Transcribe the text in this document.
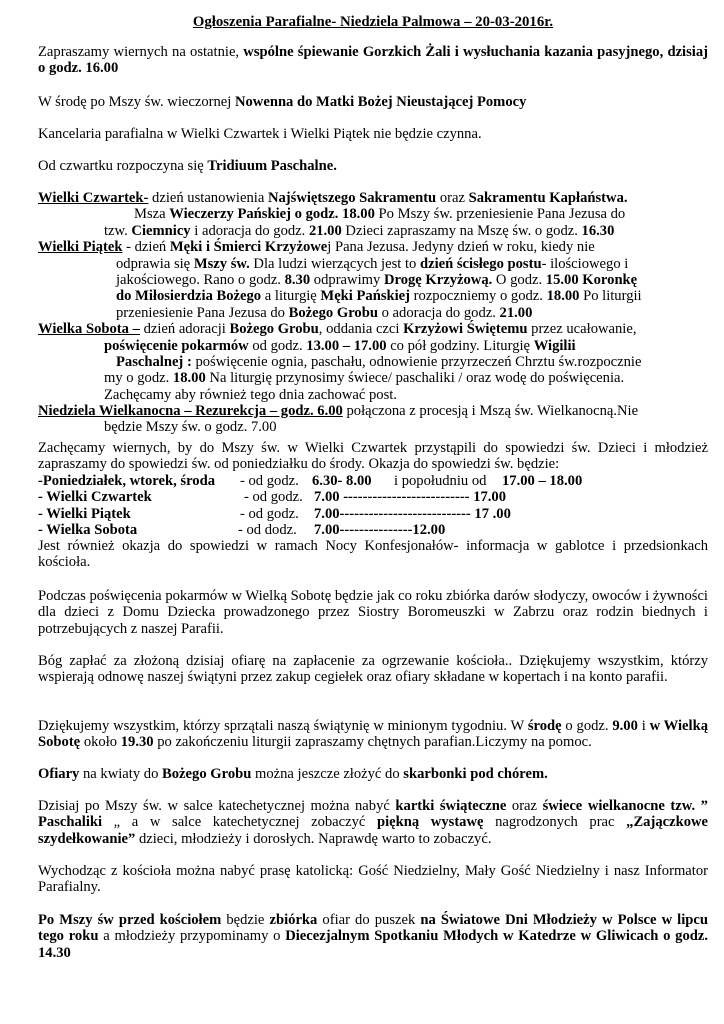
Ogłoszenia Parafialne- Niedziela Palmowa – 20-03-2016r.
Zapraszamy wiernych na ostatnie, wspólne śpiewanie Gorzkich Żali i wysłuchania kazania pasyjnego, dzisiaj o godz. 16.00
W środę po Mszy św. wieczornej Nowenna do Matki Bożej Nieustającej Pomocy
Kancelaria parafialna w Wielki Czwartek i Wielki Piątek nie będzie czynna.
Od czwartku rozpoczyna się Tridiuum Paschalne.
Wielki Czwartek- dzień ustanowienia Najświętszego Sakramentu oraz Sakramentu Kapłaństwa.
Msza Wieczerzy Pańskiej o godz. 18.00 Po Mszy św. przeniesienie Pana Jezusa do
tzw. Ciemnicy i adoracja do godz. 21.00 Dzieci zapraszamy na Mszę św. o godz. 16.30
Wielki Piątek - dzień Męki i Śmierci Krzyżowej Pana Jezusa. Jedyny dzień w roku, kiedy nie
odprawia się Mszy św. Dla ludzi wierzących jest to dzień ścisłego postu- ilościowego i
jakościowego. Rano o godz. 8.30 odprawimy Drogę Krzyżową. O godz. 15.00 Koronkę
do Miłosierdzia Bożego a liturgię Męki Pańskiej rozpoczniemy o godz. 18.00 Po liturgii
przeniesienie Pana Jezusa do Bożego Grobu o adoracja do godz. 21.00
Wielka Sobota – dzień adoracji Bożego Grobu, oddania czci Krzyżowi Świętemu przez ucałowanie,
poświęcenie pokarmów od godz. 13.00 – 17.00 co pół godziny. Liturgię Wigilii
Paschalnej : poświęcenie ognia, paschału, odnowienie przyrzeczeń Chrztu św.rozpocznie
my o godz. 18.00 Na liturgię przynosimy świece/ paschaliki / oraz wodę do poświęcenia.
Zachęcamy aby również tego dnia zachować post.
Niedziela Wielkanocna – Rezurekcja – godz. 6.00 połączona z procesją i Mszą św. Wielkanocną.Nie
będzie Mszy św. o godz. 7.00
Zachęcamy wiernych, by do Mszy św. w Wielki Czwartek przystąpili do spowiedzi św. Dzieci i młodzież zapraszamy do spowiedzi św. od poniedziałku do środy. Okazja do spowiedzi św. będzie:
-Poniedziałek, wtorek, środa - od godz. 6.30- 8.00 i popołudniu od 17.00 – 18.00
- Wielki Czwartek	- od godz. 7.00 -------------------------- 17.00
- Wielki Piątek	- od godz. 7.00--------------------------- 17 .00
- Wielka Sobota	- od dodz. 7.00---------------12.00
Jest również okazja do spowiedzi w ramach Nocy Konfesjonałów- informacja w gablotce i przedsionkach kościoła.
Podczas poświęcenia pokarmów w Wielką Sobotę będzie jak co roku zbiórka darów słodyczy, owoców i żywności dla dzieci z Domu Dziecka prowadzonego przez Siostry Boromeuszki w Zabrzu oraz rodzin biednych i potrzebujących z naszej Parafii.
Bóg zapłać za złożoną dzisiaj ofiarę na zapłacenie za ogrzewanie kościoła.. Dziękujemy wszystkim, którzy wspierają odnowę naszej świątyni przez zakup cegiełek oraz ofiary składane w kopertach i na konto parafii.
Dziękujemy wszystkim, którzy sprzątali naszą świątynię w minionym tygodniu. W środę o godz. 9.00 i w Wielką Sobotę około 19.30 po zakończeniu liturgii zapraszamy chętnych parafian.Liczymy na pomoc.
Ofiary na kwiaty do Bożego Grobu można jeszcze złożyć do skarbonki pod chórem.
Dzisiaj po Mszy św. w salce katechetycznej można nabyć kartki świąteczne oraz świece wielkanocne tzw. ” Paschaliki „ a w salce katechetycznej zobaczyć piękną wystawę nagrodzonych prac „Zajączkowe szydełkowanie” dzieci, młodzieży i dorosłych. Naprawdę warto to zobaczyć.
Wychodząc z kościoła można nabyć prasę katolicką: Gość Niedzielny, Mały Gość Niedzielny i nasz Informator Parafialny.
Po Mszy św przed kościołem będzie zbiórka ofiar do puszek na Światowe Dni Młodzieży w Polsce w lipcu tego roku a młodzieży przypominamy o Diecezjalnym Spotkaniu Młodych w Katedrze w Gliwicach o godz. 14.30
